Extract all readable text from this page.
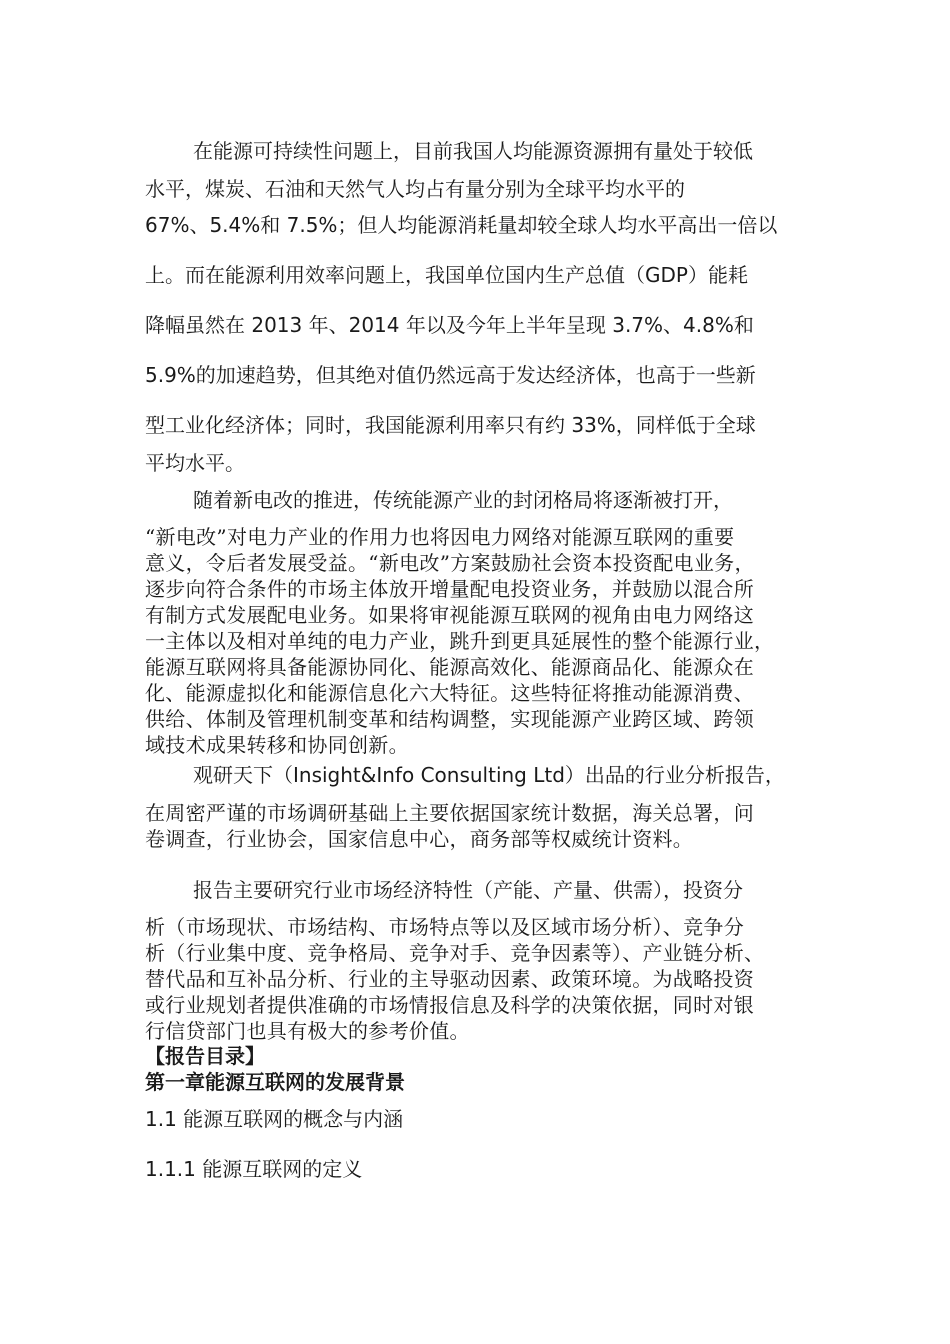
在能源可持续性问题上，目前我国人均能源资源拥有量处于较低
水平，煤炭、石油和天然气人均占有量分别为全球平均水平的
67%、5.4%和 7.5%；但人均能源消耗量却较全球人均水平高出一倍以
上。而在能源利用效率问题上，我国单位国内生产总值（GDP）能耗
降幅虽然在 2013 年、2014 年以及今年上半年呈现 3.7%、4.8%和
5.9%的加速趋势，但其绝对值仍然远高于发达经济体，也高于一些新
型工业化经济体；同时，我国能源利用率只有约 33%，同样低于全球
平均水平。
随着新电改的推进，传统能源产业的封闭格局将逐渐被打开，
“新电改”对电力产业的作用力也将因电力网络对能源互联网的重要
意义，令后者发展受益。“新电改”方案鼓励社会资本投资配电业务，
逐步向符合条件的市场主体放开增量配电投资业务，并鼓励以混合所
有制方式发展配电业务。如果将审视能源互联网的视角由电力网络这
一主体以及相对单纯的电力产业，跳升到更具延展性的整个能源行业，
能源互联网将具备能源协同化、能源高效化、能源商品化、能源众在
化、能源虚拟化和能源信息化六大特征。这些特征将推动能源消费、
供给、体制及管理机制变革和结构调整，实现能源产业跨区域、跨领
域技术成果转移和协同创新。
观研天下（Insight&Info Consulting Ltd）出品的行业分析报告，
在周密严谨的市场调研基础上主要依据国家统计数据，海关总署，问
卷调查，行业协会，国家信息中心，商务部等权威统计资料。
报告主要研究行业市场经济特性（产能、产量、供需），投资分
析（市场现状、市场结构、市场特点等以及区域市场分析）、竞争分
析（行业集中度、竞争格局、竞争对手、竞争因素等）、产业链分析、
替代品和互补品分析、行业的主导驱动因素、政策环境。为战略投资
或行业规划者提供准确的市场情报信息及科学的决策依据，同时对银
行信贷部门也具有极大的参考价值。
【报告目录】
第一章能源互联网的发展背景
1.1 能源互联网的概念与内涵
1.1.1 能源互联网的定义
